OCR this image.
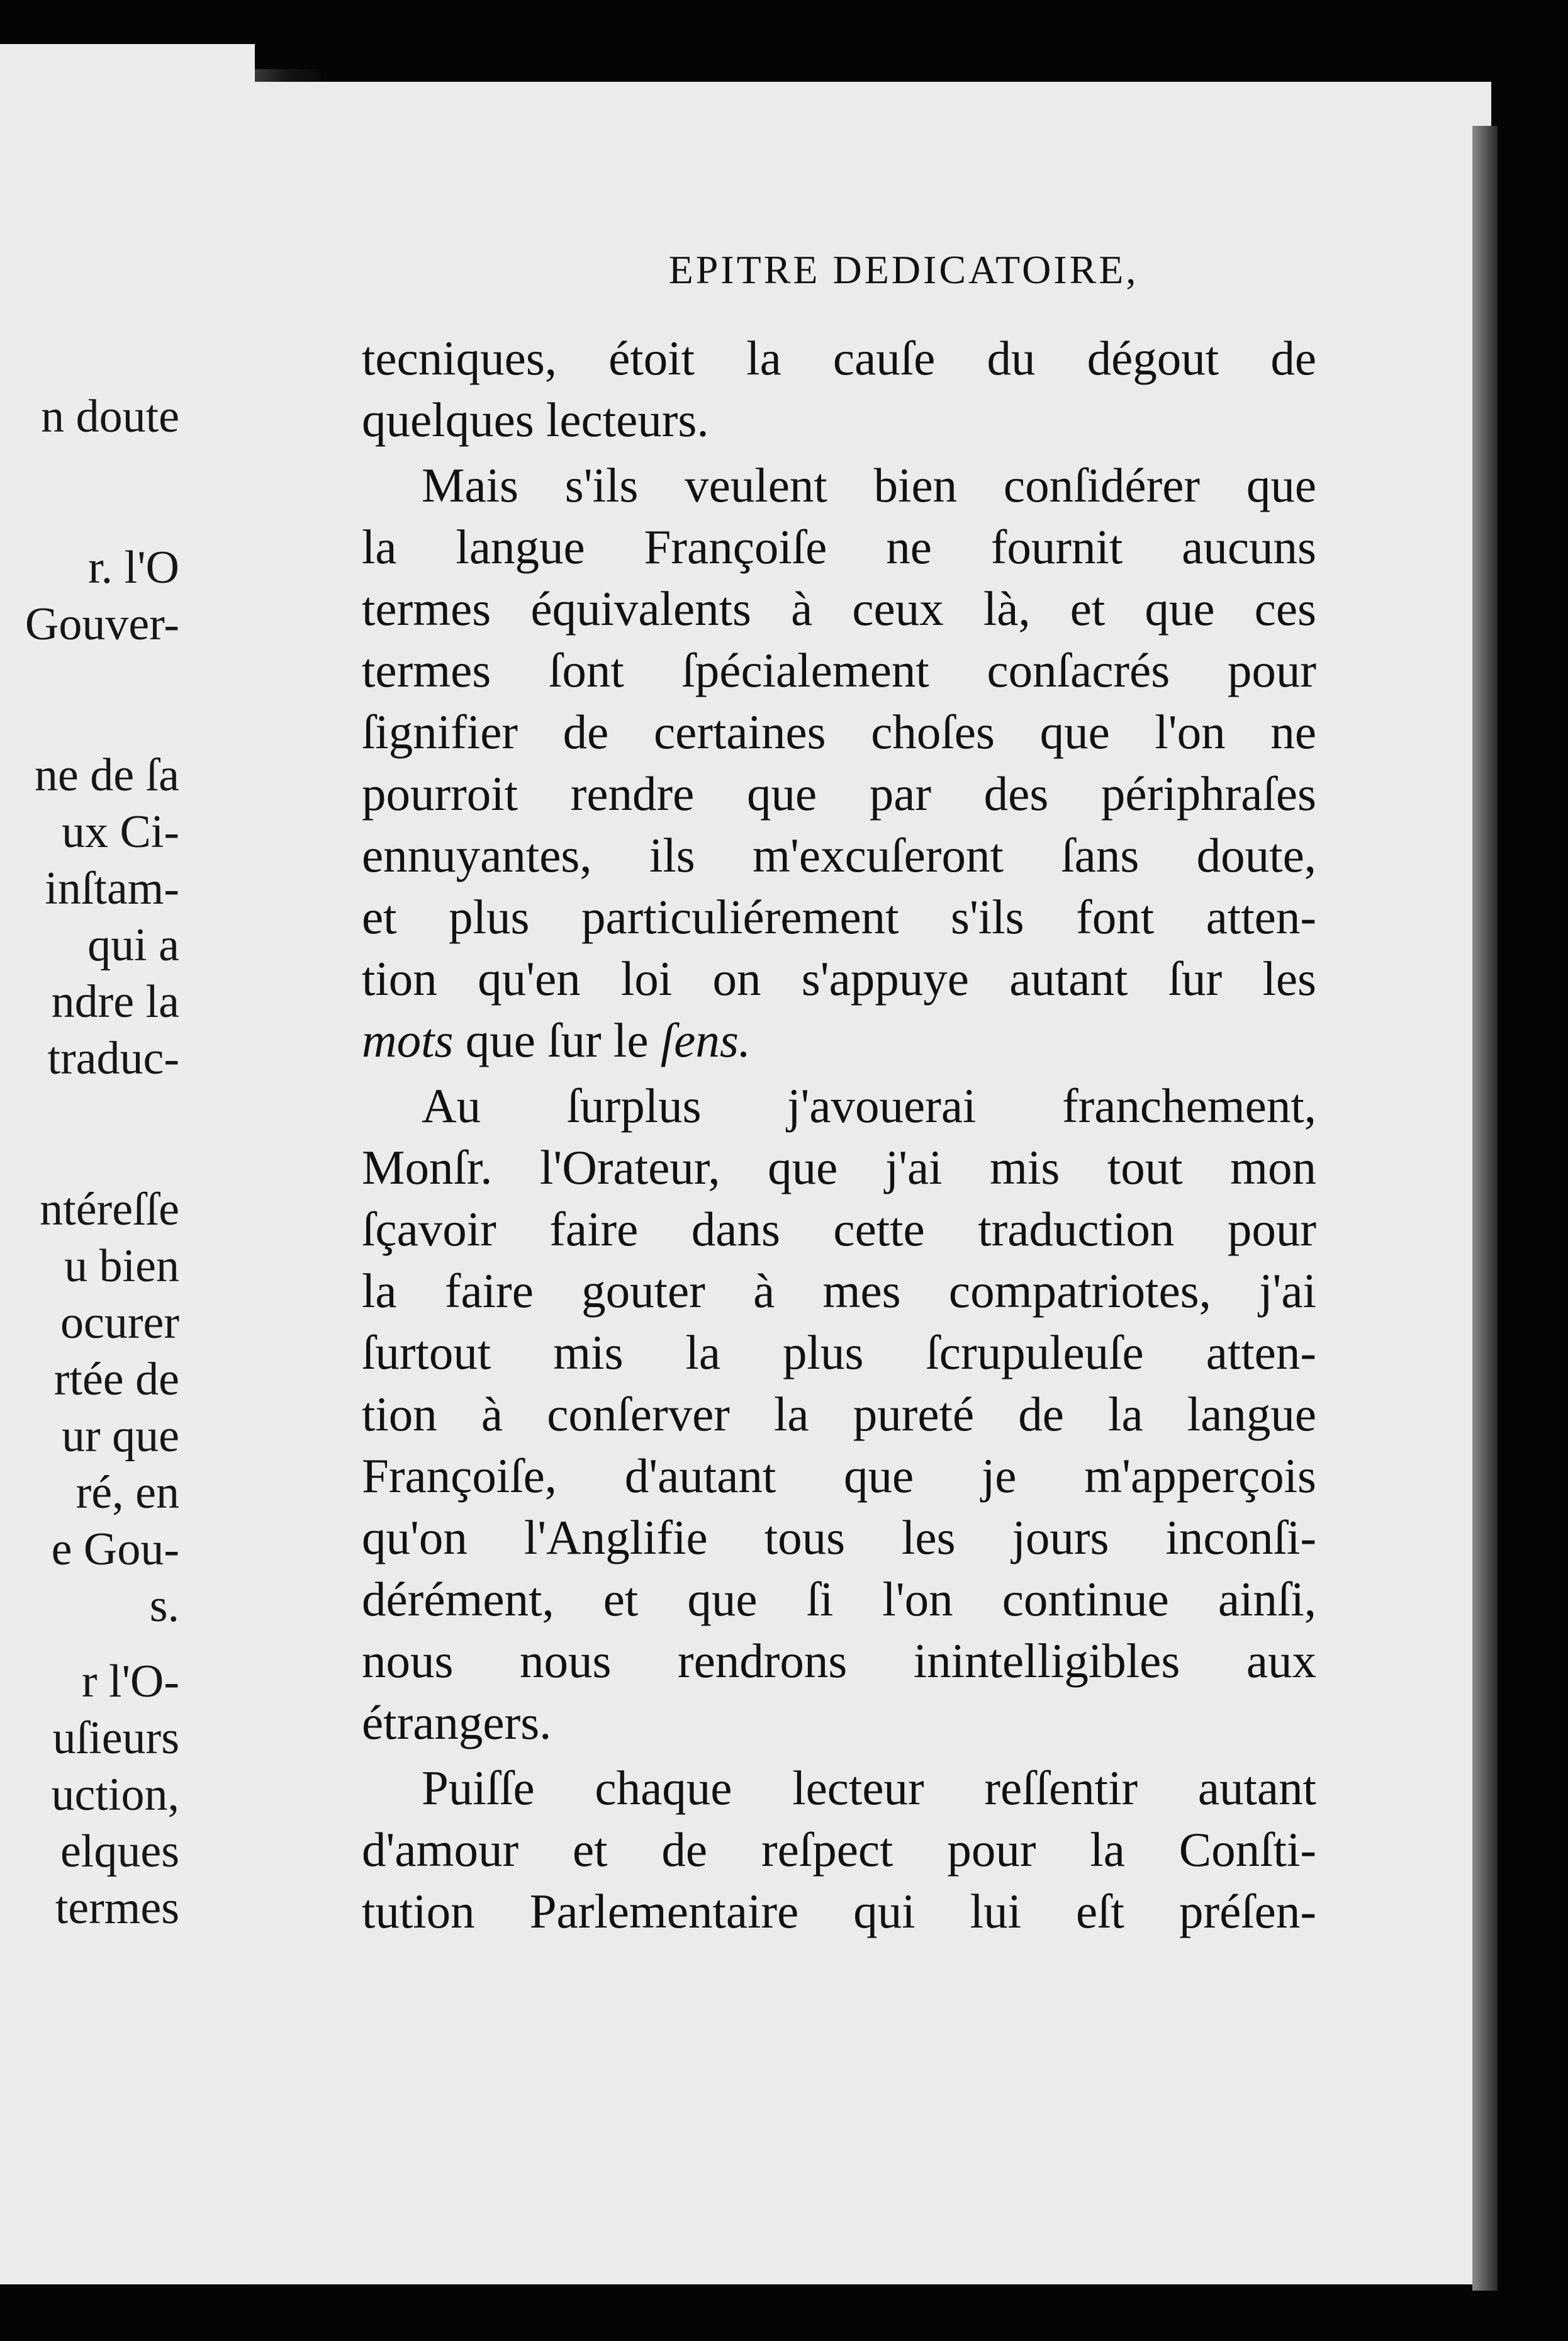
n doute
r. l'O
Gouver-
ne de ſa
ux Ci-
inſtam-
qui a
ndre la
traduc-
ntéreſſe
u bien
ocurer
rtée de
ur que
ré, en
e Gou-
s.
r l'O-
uſieurs
uction,
elques
termes
EPITRE DEDICATOIRE,
tecniques, étoit la cauſe du dégout de
quelques lecteurs.
Mais s'ils veulent bien conſidérer que
la langue Françoiſe ne fournit aucuns
termes équivalents à ceux là, et que ces
termes ſont ſpécialement conſacrés pour
ſignifier de certaines choſes que l'on ne
pourroit rendre que par des périphraſes
ennuyantes, ils m'excuſeront ſans doute,
et plus particuliérement s'ils font atten-
tion qu'en loi on s'appuye autant ſur les
mots que ſur le ſens.
Au ſurplus j'avouerai franchement,
Monſr. l'Orateur, que j'ai mis tout mon
ſçavoir faire dans cette traduction pour
la faire gouter à mes compatriotes, j'ai
ſurtout mis la plus ſcrupuleuſe atten-
tion à conſerver la pureté de la langue
Françoiſe, d'autant que je m'apperçois
qu'on l'Anglifie tous les jours inconſi-
dérément, et que ſi l'on continue ainſi,
nous nous rendrons inintelligibles aux
étrangers.
Puiſſe chaque lecteur reſſentir autant
d'amour et de reſpect pour la Conſti-
tution Parlementaire qui lui eſt préſen-
